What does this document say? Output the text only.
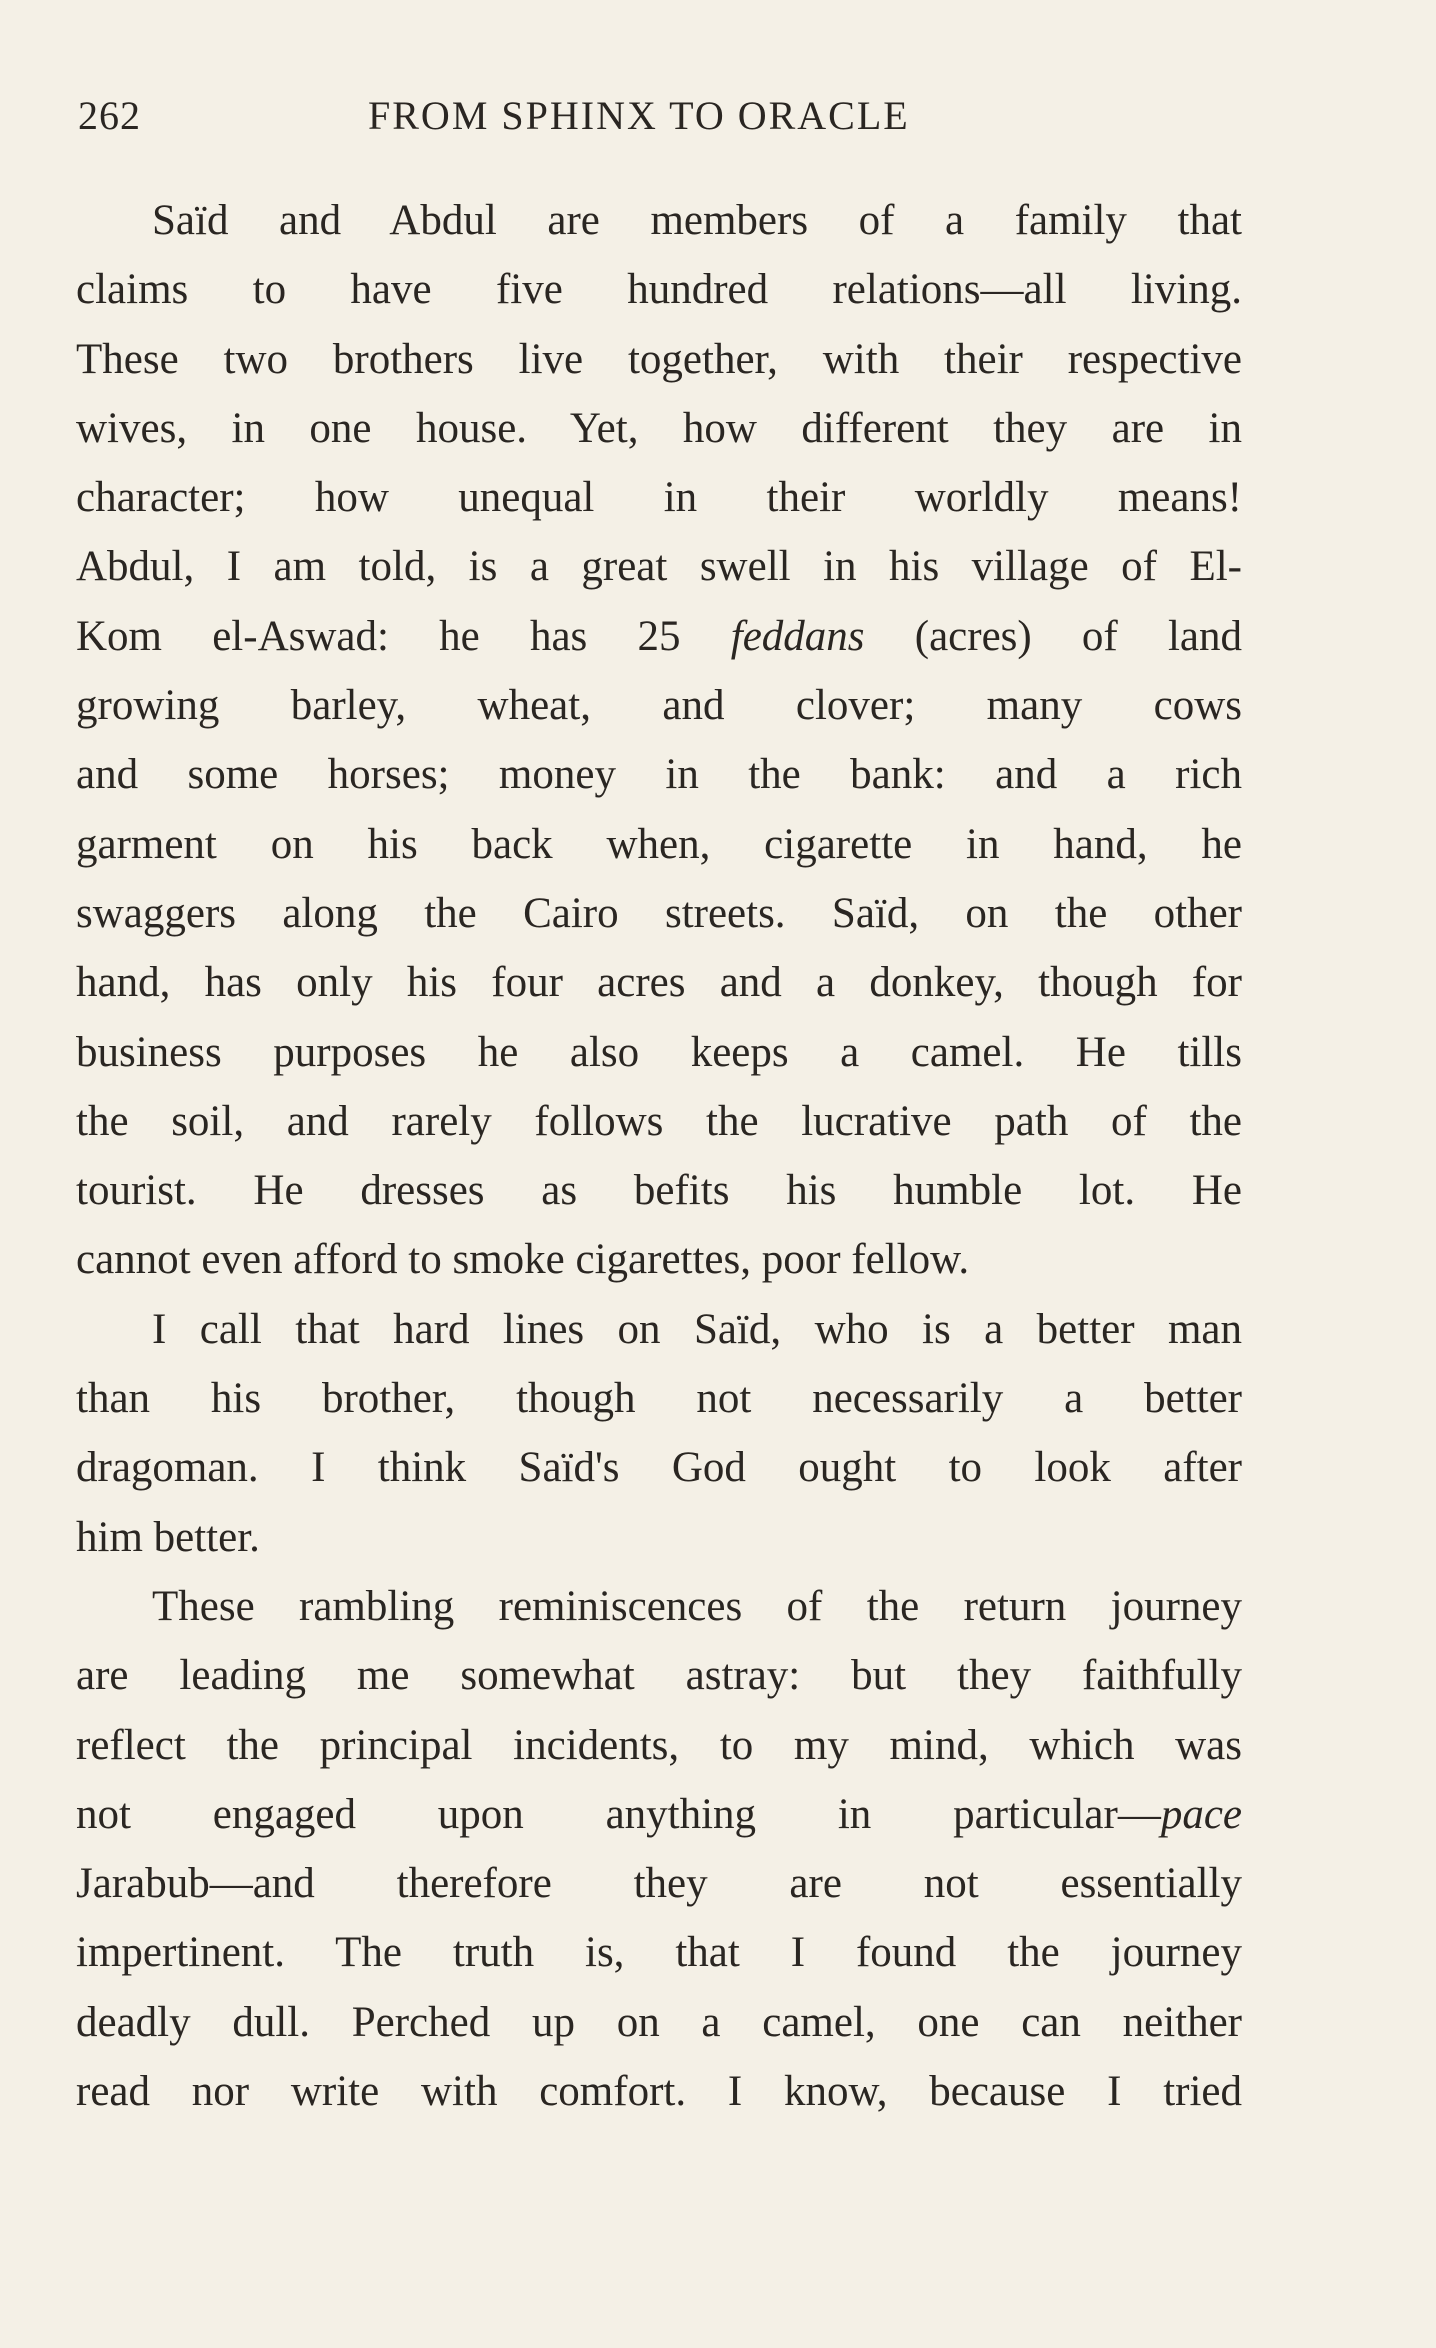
262	FROM SPHINX TO ORACLE
Saïd and Abdul are members of a family that
claims to have five hundred relations—all living.
These two brothers live together, with their respective
wives, in one house. Yet, how different they are in
character; how unequal in their worldly means!
Abdul, I am told, is a great swell in his village of El-
Kom el-Aswad: he has 25 feddans (acres) of land
growing barley, wheat, and clover; many cows
and some horses; money in the bank: and a rich
garment on his back when, cigarette in hand, he
swaggers along the Cairo streets. Saïd, on the other
hand, has only his four acres and a donkey, though for
business purposes he also keeps a camel. He tills
the soil, and rarely follows the lucrative path of the
tourist. He dresses as befits his humble lot. He
cannot even afford to smoke cigarettes, poor fellow.
I call that hard lines on Saïd, who is a better man
than his brother, though not necessarily a better
dragoman. I think Saïd's God ought to look after
him better.
These rambling reminiscences of the return journey
are leading me somewhat astray: but they faithfully
reflect the principal incidents, to my mind, which was
not engaged upon anything in particular—pace
Jarabub—and therefore they are not essentially
impertinent. The truth is, that I found the journey
deadly dull. Perched up on a camel, one can neither
read nor write with comfort. I know, because I tried
